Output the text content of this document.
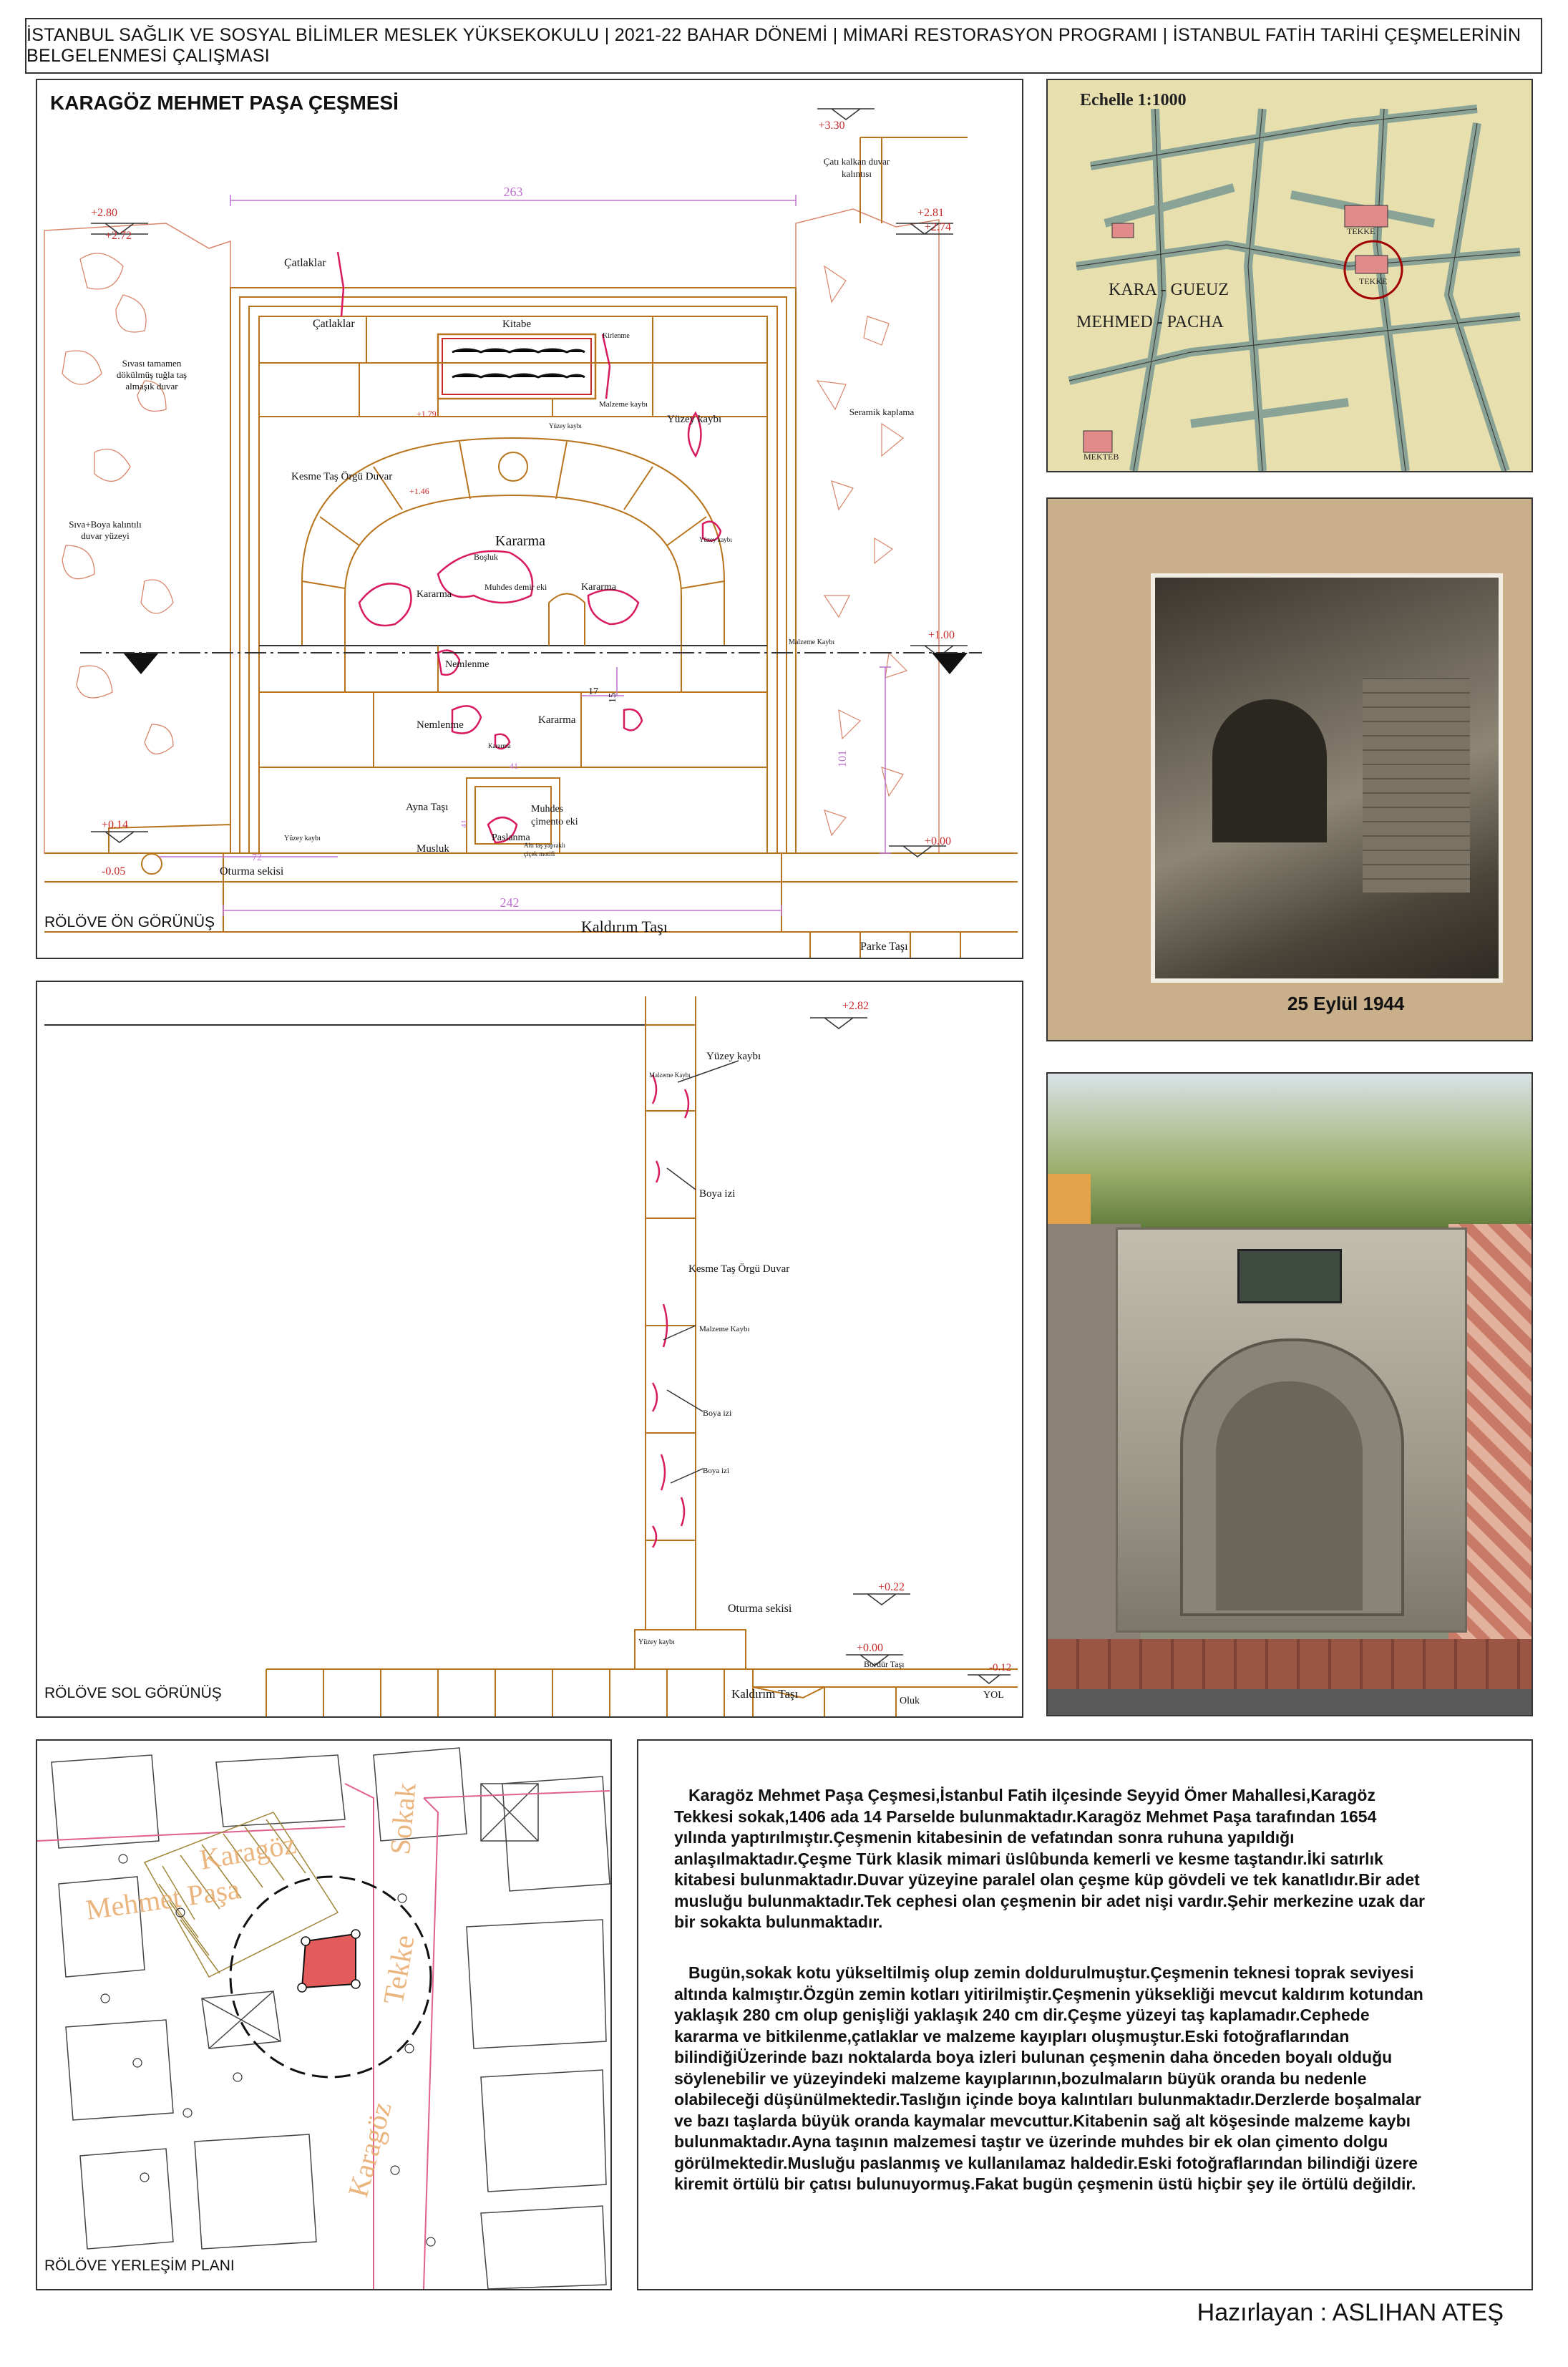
İSTANBUL SAĞLIK VE SOSYAL BİLİMLER MESLEK YÜKSEKOKULU | 2021-22 BAHAR DÖNEMİ | MİMARİ RESTORASYON PROGRAMI | İSTANBUL FATİH TARİHİ ÇEŞMELERİNİN BELGELENMESİ ÇALIŞMASI
KARAGÖZ MEHMET PAŞA ÇEŞMESİ
+3.30
Çatı kalkan duvar
kalıntısı
+2.80
+2.72
+2.81
+2.74
263
Çatlaklar
Çatlaklar	Kitabe
Kirlenme
Sıvası tamamen
dökülmüş tuğla taş
almaşık duvar
Malzeme kaybı
Yüzey kaybı
Yüzey kaybı
Seramik kaplama
Kesme Taş Örgü Duvar
+1.79
+1.46
Sıva+Boya kalıntılı
duvar yüzeyi	Kararma
Boşluk
Muhdes demir eki
Kararma
Kararma
Yüzey kaybı
Malzeme Kaybı
+1.00
Nemlenme
15
17
Nemlenme	Kararma
Kararma
101
41
41
Ayna Taşı	Muhdes
çimento eki
Paslanma
Musluk	Altı taş yapraklı
çiçek motifi
Yüzey kaybı
+0.14
-0.05
72
Oturma sekisi
+0.00
242
Kaldırım Taşı
Parke Taşı
RÖLÖVE ÖN GÖRÜNÜŞ
Echelle 1:1000
KARA - GUEUZ
MEHMED - PACHA
TEKKE
TEKKE
MEKTEB
25 Eylül 1944
+2.82
Malzeme Kaybı
Yüzey kaybı
Boya izi
Kesme Taş Örgü Duvar
Malzeme Kaybı
Boya izi
Boya izi
Oturma sekisi
+0.22
Yüzey kaybı	+0.00
Bordür Taşı	-0.12
Kaldırım Taşı
Oluk
YOL
RÖLÖVE SOL GÖRÜNÜŞ
Karagöz
Mehmet Paşa
Karagöz
Tekke
Sokak
RÖLÖVE YERLEŞİM PLANI
Karagöz Mehmet Paşa Çeşmesi,İstanbul Fatih ilçesinde Seyyid Ömer Mahallesi,Karagöz Tekkesi sokak,1406 ada 14 Parselde bulunmaktadır.Karagöz Mehmet Paşa tarafından 1654 yılında yaptırılmıştır.Çeşmenin kitabesinin de vefatından sonra ruhuna yapıldığı anlaşılmaktadır.Çeşme Türk klasik mimari üslûbunda kemerli ve kesme taştandır.İki satırlık kitabesi bulunmaktadır.Duvar yüzeyine paralel olan çeşme küp gövdeli ve tek kanatlıdır.Bir adet musluğu bulunmaktadır.Tek cephesi olan çeşmenin bir adet nişi vardır.Şehir merkezine uzak dar bir sokakta bulunmaktadır.
Bugün,sokak kotu yükseltilmiş olup zemin doldurulmuştur.Çeşmenin teknesi toprak seviyesi altında kalmıştır.Özgün zemin kotları yitirilmiştir.Çeşmenin yüksekliği mevcut kaldırım kotundan yaklaşık 280 cm olup genişliği yaklaşık 240 cm dir.Çeşme yüzeyi taş kaplamadır.Cephede kararma ve bitkilenme,çatlaklar ve malzeme kayıpları oluşmuştur.Eski fotoğraflarından bilindiğiÜzerinde bazı noktalarda boya izleri bulunan çeşmenin daha önceden boyalı olduğu söylenebilir ve yüzeyindeki malzeme kayıplarının,bozulmaların büyük oranda bu nedenle olabileceği düşünülmektedir.Taslığın içinde boya kalıntıları bulunmaktadır.Derzlerde boşalmalar ve bazı taşlarda büyük oranda kaymalar mevcuttur.Kitabenin sağ alt köşesinde malzeme kaybı bulunmaktadır.Ayna taşının malzemesi taştır ve üzerinde muhdes bir ek olan çimento dolgu görülmektedir.Musluğu paslanmış ve kullanılamaz haldedir.Eski fotoğraflarından bilindiği üzere kiremit örtülü bir çatısı bulunuyormuş.Fakat bugün çeşmenin üstü hiçbir şey ile örtülü değildir.
Hazırlayan : ASLIHAN ATEŞ
